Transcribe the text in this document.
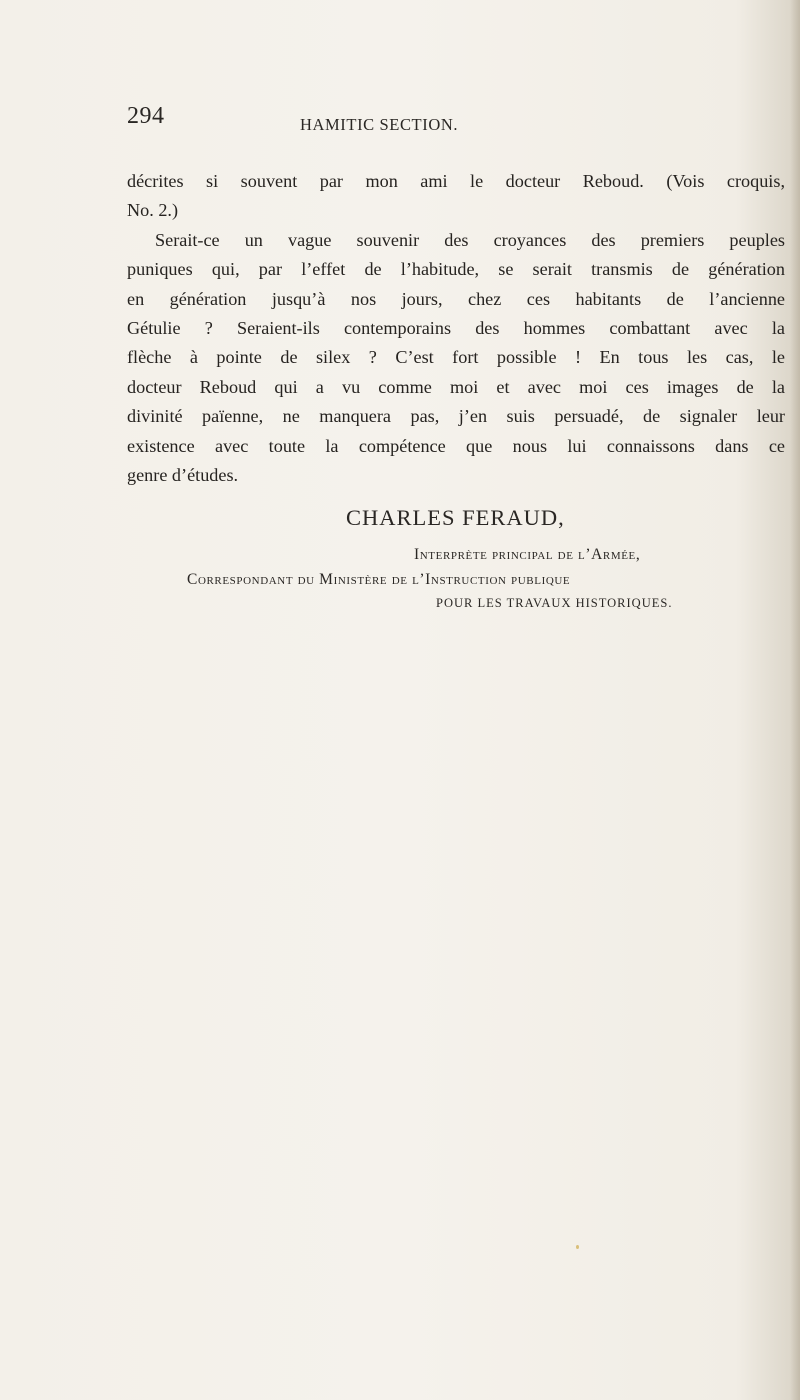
294	HAMITIC SECTION.
décrites si souvent par mon ami le docteur Reboud. (Vois croquis,
No. 2.)
Serait-ce un vague souvenir des croyances des premiers peuples
puniques qui, par l’effet de l’habitude, se serait transmis de génération
en génération jusqu’à nos jours, chez ces habitants de l’ancienne
Gétulie ? Seraient-ils contemporains des hommes combattant avec la
flèche à pointe de silex ? C’est fort possible ! En tous les cas, le
docteur Reboud qui a vu comme moi et avec moi ces images de la
divinité païenne, ne manquera pas, j’en suis persuadé, de signaler leur
existence avec toute la compétence que nous lui connaissons dans ce
genre d’études.
CHARLES FERAUD,
Interprète principal de l’Armée,
Correspondant du Ministère de l’Instruction publique
POUR LES TRAVAUX HISTORIQUES.
